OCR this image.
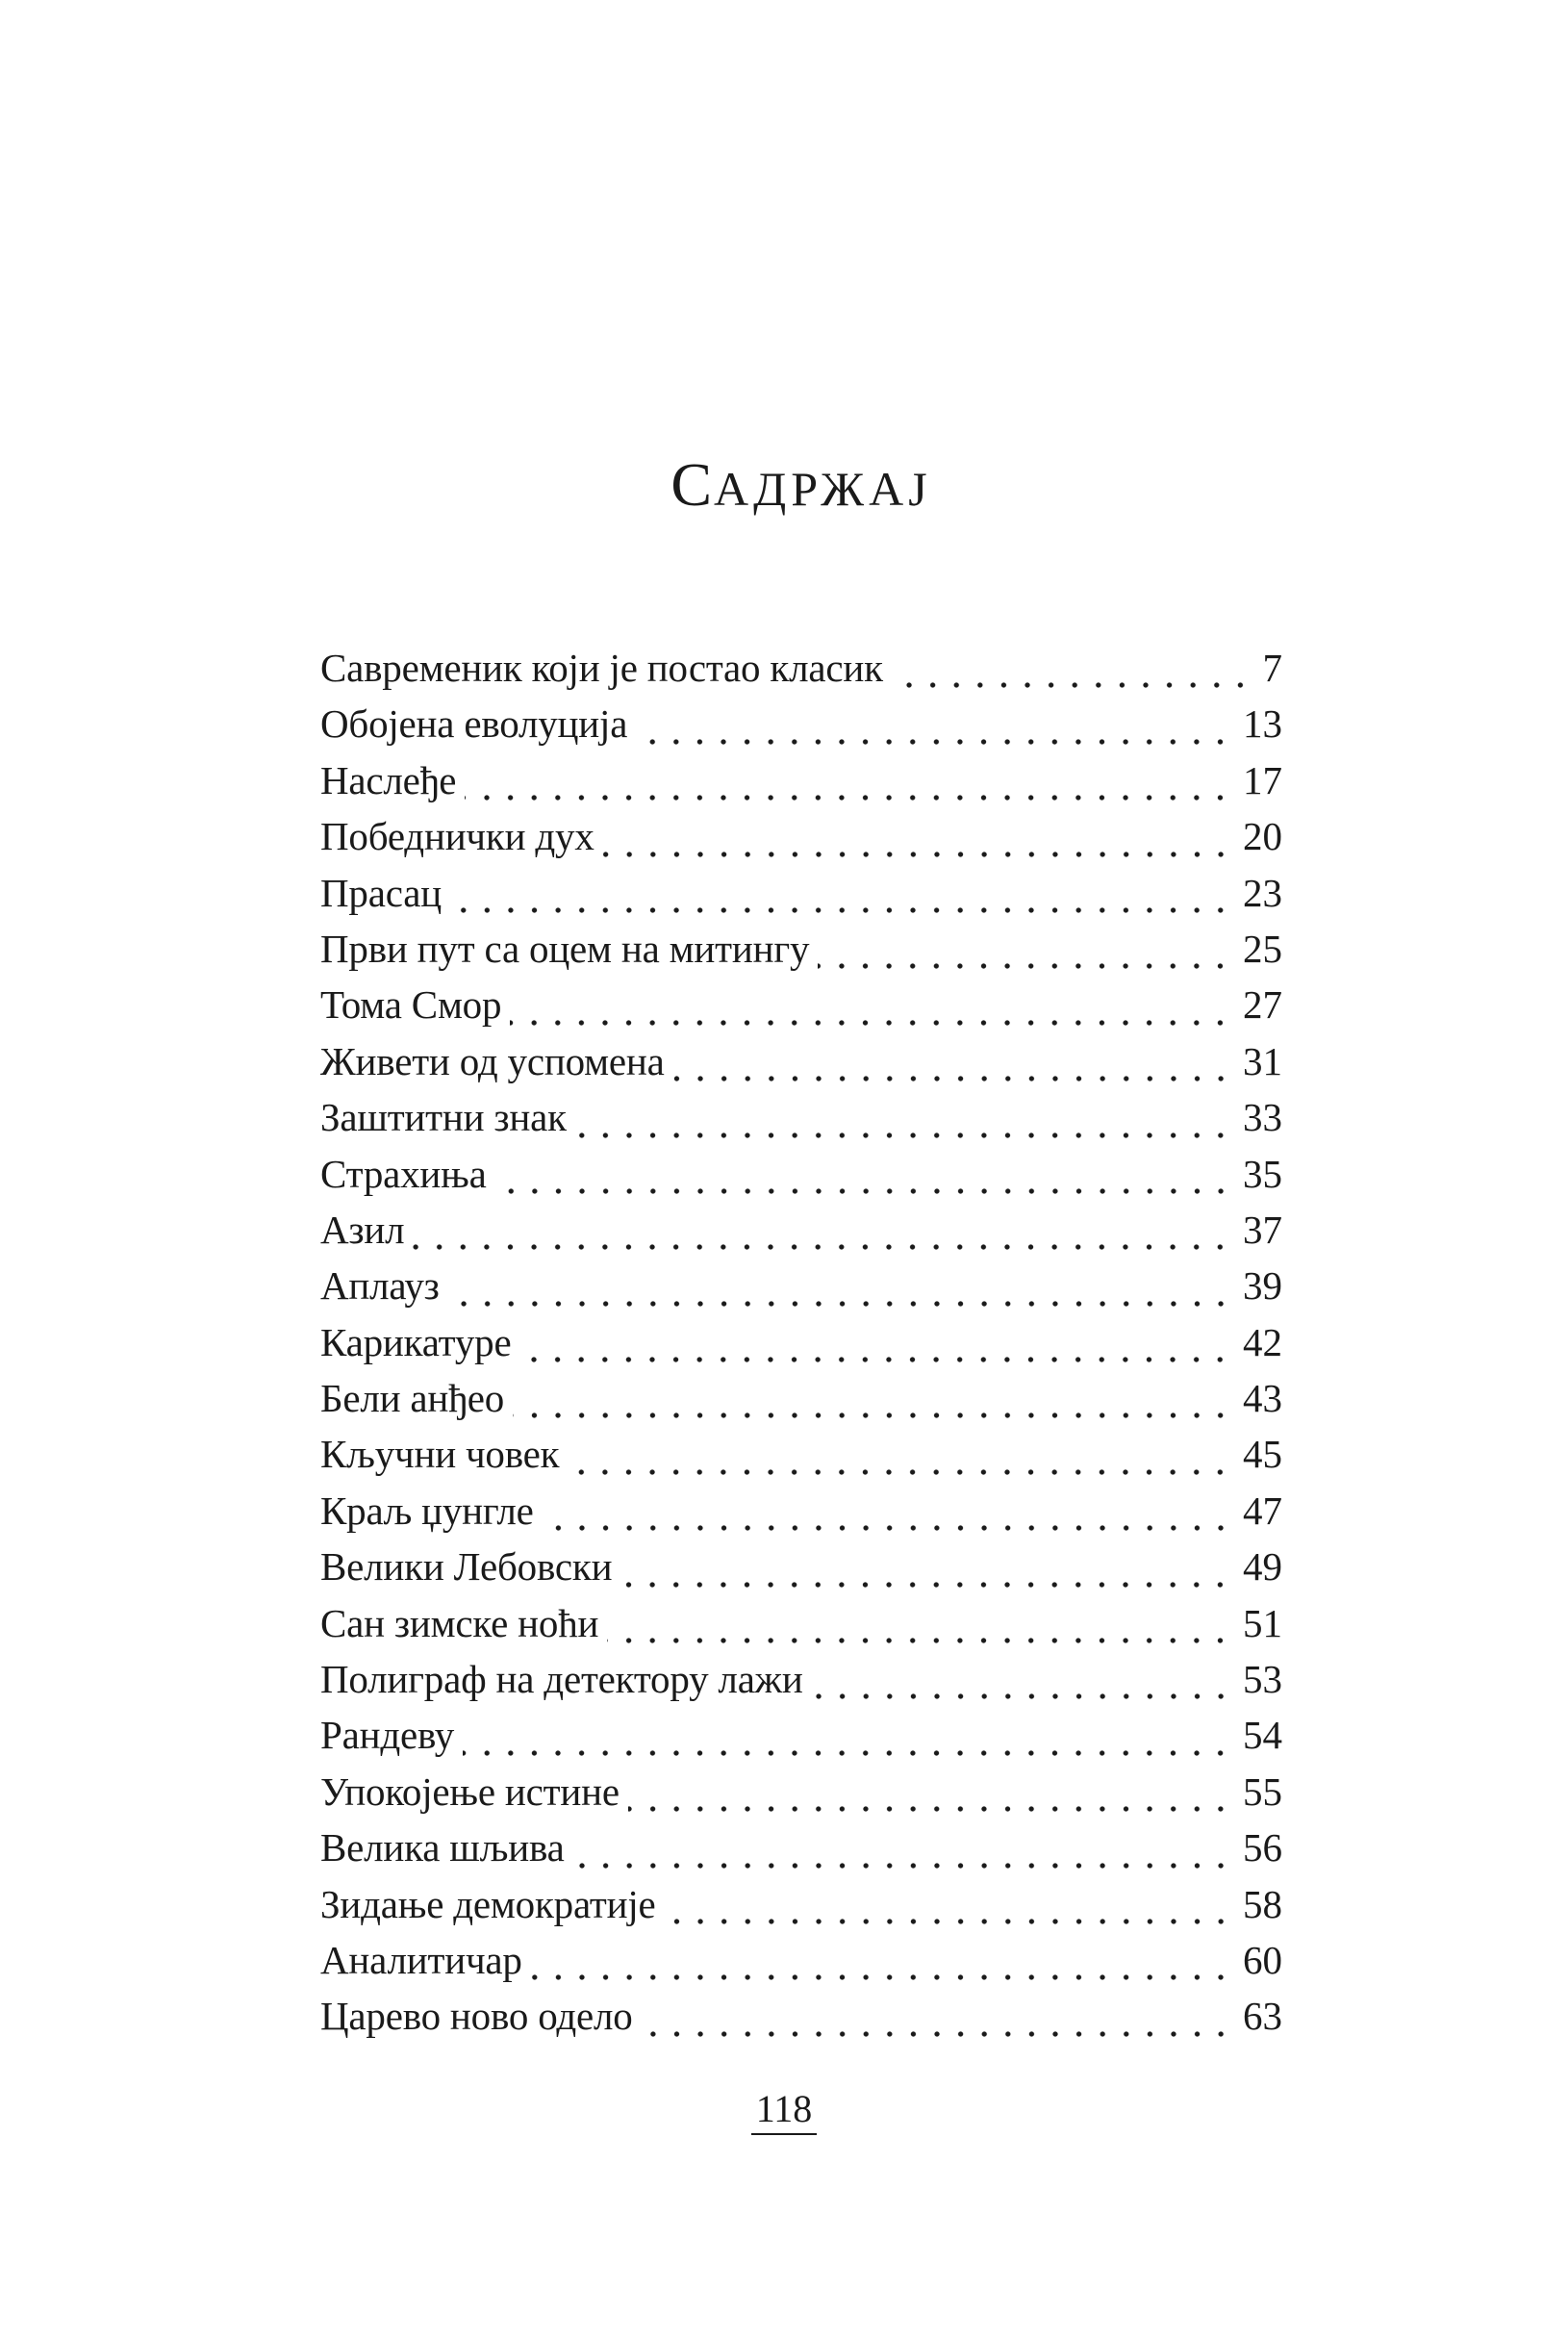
САДРЖАЈ
Савременик који је постао класик	7
Обојена еволуција	13
Наслеђе	17
Победнички дух	20
Прасац	23
Први пут са оцем на митингу	25
Тома Смор	27
Живети од успомена	31
Заштитни знак	33
Страхиња	35
Азил	37
Аплауз	39
Карикатуре	42
Бели анђео	43
Кључни човек	45
Краљ џунгле	47
Велики Лебовски	49
Сан зимске ноћи	51
Полиграф на детектору лажи	53
Рандеву	54
Упокојење истине	55
Велика шљива	56
Зидање демократије	58
Аналитичар	60
Царево ново одело	63
118
